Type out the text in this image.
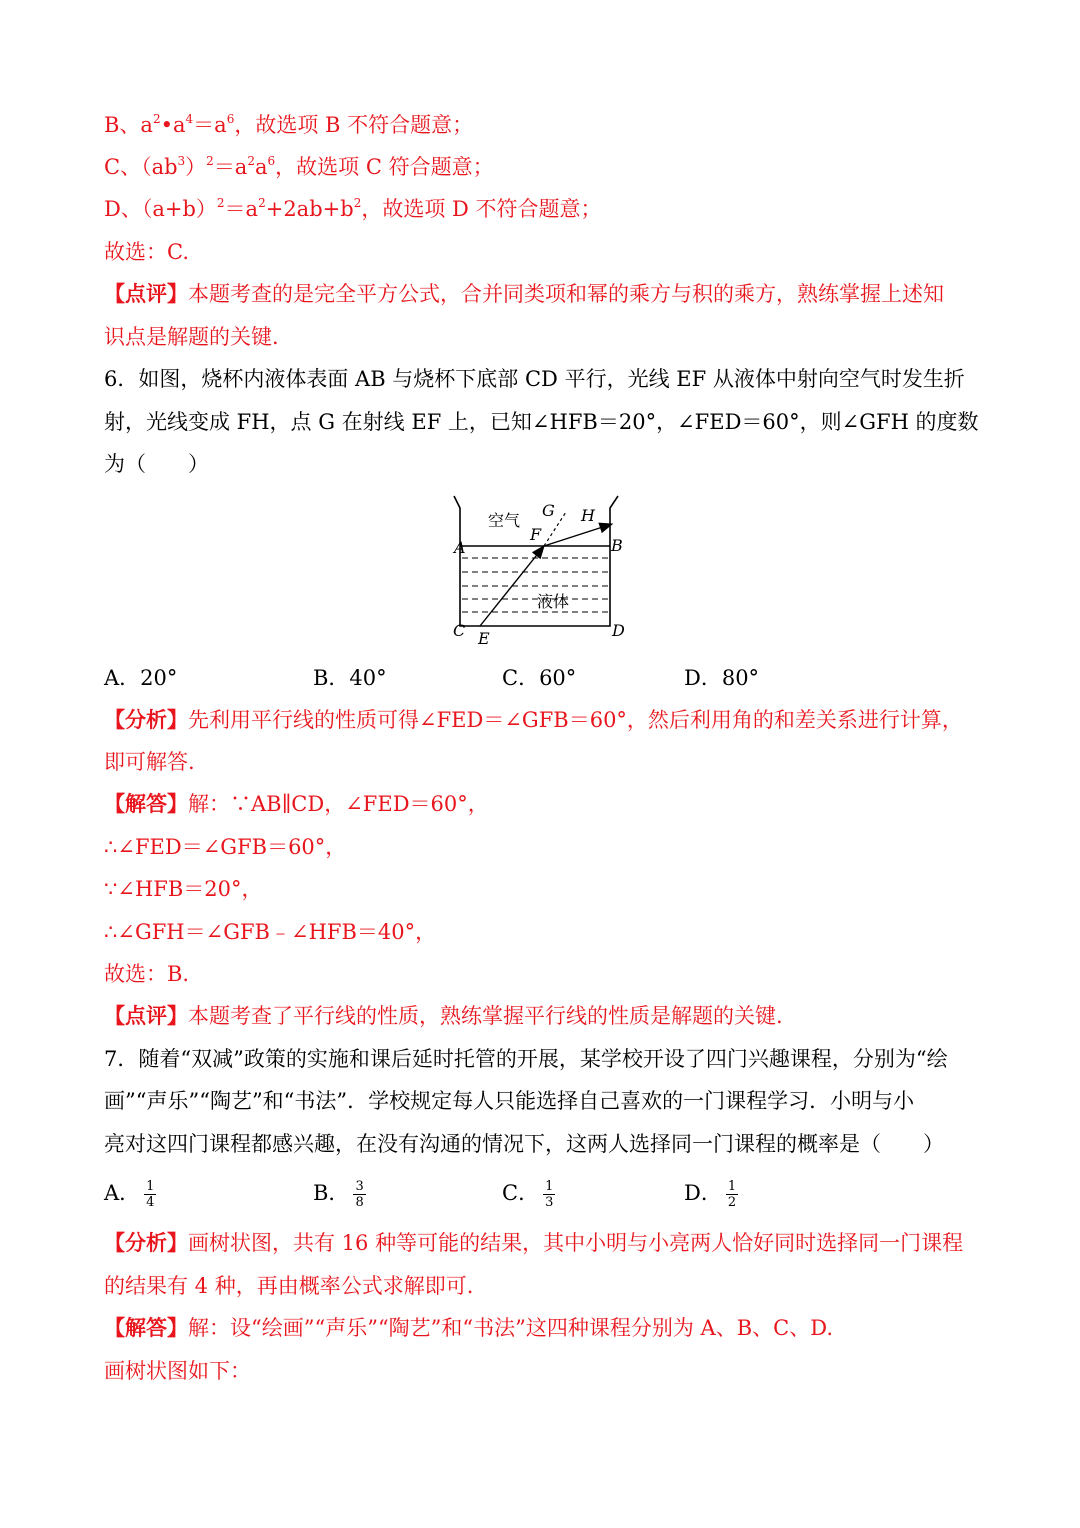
B、$a^2•a^4=a^6$，故选项 B 不符合题意；
C、$(ab^3)^2=a^2a^6$，故选项 C 符合题意；
D、$(a+b)^2=a^2+2ab+b^2$，故选项 D 不符合题意；
故选：C.
【点评】本题考查的是完全平方公式，合并同类项和幂的乘方与积的乘方，熟练掌握上述知
识点是解题的关键.
6．如图，烧杯内液体表面 AB 与烧杯下底部 CD 平行，光线 EF 从液体中射向空气时发生折
射，光线变成 FH，点 G 在射线 EF 上，已知∠HFB＝20°，∠FED＝60°，则∠GFH 的度数
为（　　）
空气
液体
A	B
C	D
E
F
G H
A．20°	B．40°	C．60°	D．80°
【分析】先利用平行线的性质可得∠FED＝∠GFB＝60°，然后利用角的和差关系进行计算，
即可解答.
【解答】解：∵AB∥CD，∠FED＝60°，
∴∠FED＝∠GFB＝60°，
∵∠HFB＝20°，
∴∠GFH＝∠GFB﹣∠HFB＝40°，
故选：B.
【点评】本题考查了平行线的性质，熟练掌握平行线的性质是解题的关键.
7．随着“双减”政策的实施和课后延时托管的开展，某学校开设了四门兴趣课程，分别为“绘
画”“声乐”“陶艺”和“书法”．学校规定每人只能选择自己喜欢的一门课程学习．小明与小
亮对这四门课程都感兴趣，在没有沟通的情况下，这两人选择同一门课程的概率是（　　）
A． $\frac{1}{4}$	B． $\frac{3}{8}$	C． $\frac{1}{3}$	D． $\frac{1}{2}$
【分析】画树状图，共有 16 种等可能的结果，其中小明与小亮两人恰好同时选择同一门课程
的结果有 4 种，再由概率公式求解即可.
【解答】解：设“绘画”“声乐”“陶艺”和“书法”这四种课程分别为 A、B、C、D.
画树状图如下：
